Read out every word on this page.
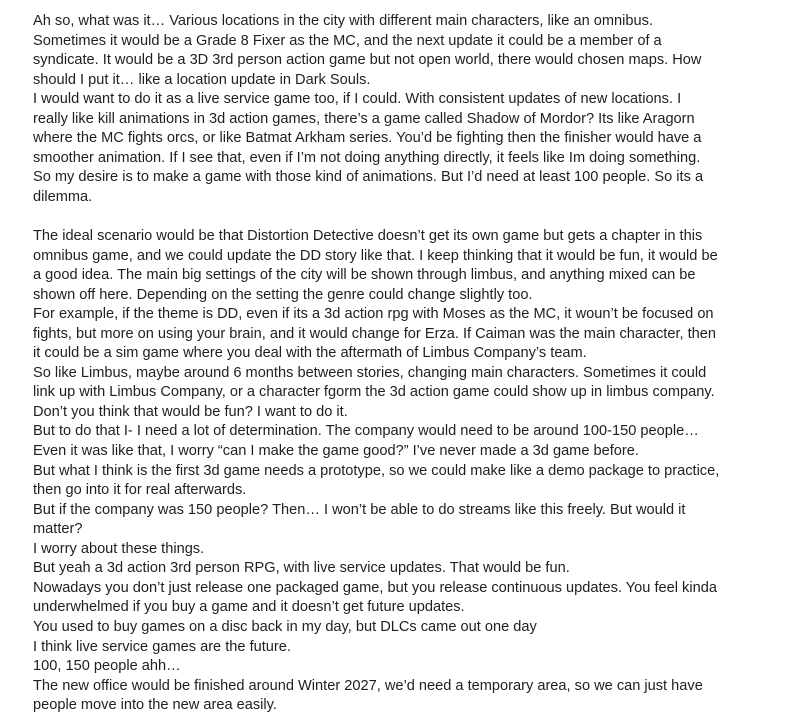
Ah so, what was it… Various locations in the city with different main characters, like an omnibus.
Sometimes it would be a Grade 8 Fixer as the MC, and the next update it could be a member of a
syndicate. It would be a 3D 3rd person action game but not open world, there would chosen maps. How
should I put it… like a location update in Dark Souls.
I would want to do it as a live service game too, if I could. With consistent updates of new locations. I
really like kill animations in 3d action games, there’s a game called Shadow of Mordor? Its like Aragorn
where the MC fights orcs, or like Batmat Arkham series. You’d be fighting then the finisher would have a
smoother animation. If I see that, even if I’m not doing anything directly, it feels like Im doing something.
So my desire is to make a game with those kind of animations. But I’d need at least 100 people. So its a
dilemma.
The ideal scenario would be that Distortion Detective doesn’t get its own game but gets a chapter in this
omnibus game, and we could update the DD story like that. I keep thinking that it would be fun, it would be
a good idea. The main big settings of the city will be shown through limbus, and anything mixed can be
shown off here. Depending on the setting the genre could change slightly too.
For example, if the theme is DD, even if its a 3d action rpg with Moses as the MC, it woun’t be focused on
fights, but more on using your brain, and it would change for Erza. If Caiman was the main character, then
it could be a sim game where you deal with the aftermath of Limbus Company’s team.
So like Limbus, maybe around 6 months between stories, changing main characters. Sometimes it could
link up with Limbus Company, or a character fgorm the 3d action game could show up in limbus company.
Don’t you think that would be fun? I want to do it.
But to do that I- I need a lot of determination. The company would need to be around 100-150 people…
Even it was like that, I worry “can I make the game good?” I’ve never made a 3d game before.
But what I think is the first 3d game needs a prototype, so we could make like a demo package to practice,
then go into it for real afterwards.
But if the company was 150 people? Then… I won’t be able to do streams like this freely. But would it
matter?
I worry about these things.
But yeah a 3d action 3rd person RPG, with live service updates. That would be fun.
Nowadays you don’t just release one packaged game, but you release continuous updates. You feel kinda
underwhelmed if you buy a game and it doesn’t get future updates.
You used to buy games on a disc back in my day, but DLCs came out one day
I think live service games are the future.
100, 150 people ahh…
The new office would be finished around Winter 2027, we’d need a temporary area, so we can just have
people move into the new area easily.
